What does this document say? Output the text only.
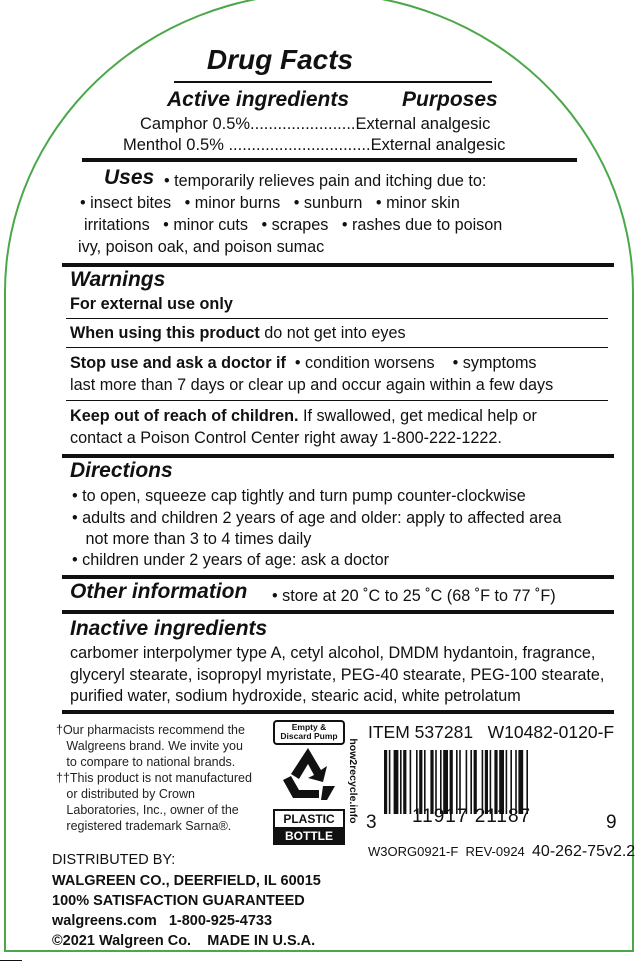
Drug Facts
Active ingredients	Purposes
Camphor 0.5%.......................External analgesic
Menthol 0.5% ...............................External analgesic
Uses • temporarily relieves pain and itching due to:
• insect bites   • minor burns   • sunburn   • minor skin
irritations   • minor cuts   • scrapes   • rashes due to poison
ivy, poison oak, and poison sumac
Warnings
For external use only
When using this product do not get into eyes
Stop use and ask a doctor if  • condition worsens    • symptoms
last more than 7 days or clear up and occur again within a few days
Keep out of reach of children. If swallowed, get medical help or
contact a Poison Control Center right away 1-800-222-1222.
Directions
• to open, squeeze cap tightly and turn pump counter-clockwise
• adults and children 2 years of age and older: apply to affected area
not more than 3 to 4 times daily
• children under 2 years of age: ask a doctor
Other information • store at 20 ˚C to 25 ˚C (68 ˚F to 77 ˚F)
Inactive ingredients
carbomer interpolymer type A, cetyl alcohol, DMDM hydantoin, fragrance,
glyceryl stearate, isopropyl myristate, PEG-40 stearate, PEG-100 stearate,
purified water, sodium hydroxide, stearic acid, white petrolatum
†Our pharmacists recommend the
Walgreens brand. We invite you
to compare to national brands.
††This product is not manufactured
or distributed by Crown
Laboratories, Inc., owner of the
registered trademark Sarna®.
DISTRIBUTED BY:
WALGREEN CO., DEERFIELD, IL 60015
100% SATISFACTION GUARANTEED
walgreens.com   1-800-925-4733
©2021 Walgreen Co.    MADE IN U.S.A.
Empty &
Discard Pump
PLASTIC
BOTTLE
how2recycle.info
ITEM 537281   W10482-0120-F
3 11917 21187	9
W3ORG0921-F  REV-0924  40-262-75v2.2
